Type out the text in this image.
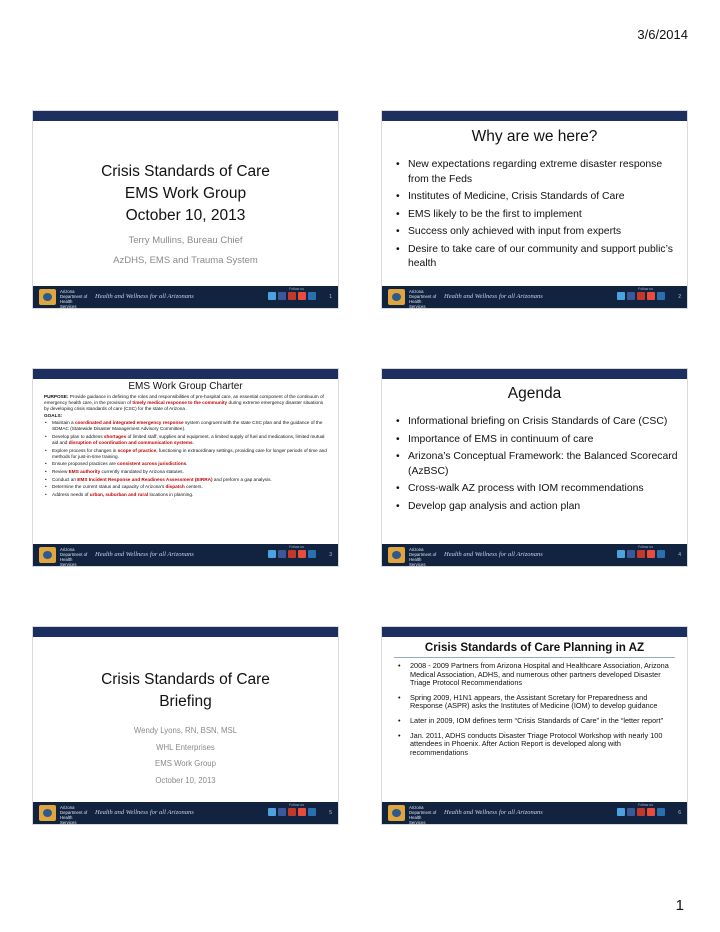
3/6/2014
Crisis Standards of Care
EMS Work Group
October 10, 2013
Terry Mullins, Bureau Chief
AzDHS, EMS and Trauma System
Arizona Department of Health Services
Health and Wellness for all Arizonans
Follow us
1
Why are we here?
• New expectations regarding extreme disaster response from the Feds
• Institutes of Medicine, Crisis Standards of Care
• EMS likely to be the first to implement
• Success only achieved with input from experts
• Desire to take care of our community and support public’s health
Arizona Department of Health Services
Health and Wellness for all Arizonans
Follow us
2
EMS Work Group Charter

PURPOSE: Provide guidance in defining the roles and responsibilities of pre-hospital care, an essential component of the continuum of emergency health care, in the provision of timely medical response to the community during extreme emergency disaster situations by developing crisis standards of care (CSC) for the state of Arizona .

GOALS:

• Maintain a coordinated and integrated emergency response system congruent with the state CSC plan and the guidance of the SDMAC (Statewide Disaster Management Advisory Committee).
• Develop plan to address shortages of limited staff, supplies and equipment, a limited supply of fuel and medications, limited mutual aid and disruption of coordination and communication systems.
• Explore process for changes in scope of practice, functioning in extraordinary settings, providing care for longer periods of time and methods for just-in-time training.
• Ensure proposed practices are consistent across jurisdictions.
• Review EMS authority currently mandated by Arizona statutes.
• Conduct an EMS Incident Response and Readiness Assessment (EIRRA) and preform a gap analysis.
• Determine the current status and capacity of Arizona’s dispatch centers.
• Address needs of urban, suburban and rural locations in planning.
Arizona Department of Health Services
Health and Wellness for all Arizonans
Follow us
3
Agenda
• Informational briefing on Crisis Standards of Care (CSC)
• Importance of EMS in continuum of care
• Arizona’s Conceptual Framework: the Balanced Scorecard (AzBSC)
• Cross-walk AZ process with IOM recommendations
• Develop gap analysis and action plan
Arizona Department of Health Services
Health and Wellness for all Arizonans
Follow us
4
Crisis Standards of Care
Briefing
Wendy Lyons, RN, BSN, MSL
WHL Enterprises
EMS Work Group
October 10, 2013
Arizona Department of Health Services
Health and Wellness for all Arizonans
Follow us
5
Crisis Standards of Care Planning in AZ
• 2008 - 2009 Partners from Arizona Hospital and Healthcare Association, Arizona Medical Association, ADHS, and numerous other partners developed Disaster Triage Protocol Recommendations
• Spring 2009, H1N1 appears, the Assistant Scretary for Preparedness and Response (ASPR) asks the Institutes of Medicine (IOM) to develop guidance
• Later in 2009, IOM defines term “Crisis Standards of Care” in the “letter report”
• Jan. 2011, ADHS conducts Disaster Triage Protocol Workshop with nearly 100 attendees in Phoenix. After Action Report is developed along with recommendations
Arizona Department of Health Services
Health and Wellness for all Arizonans
Follow us
6
1
